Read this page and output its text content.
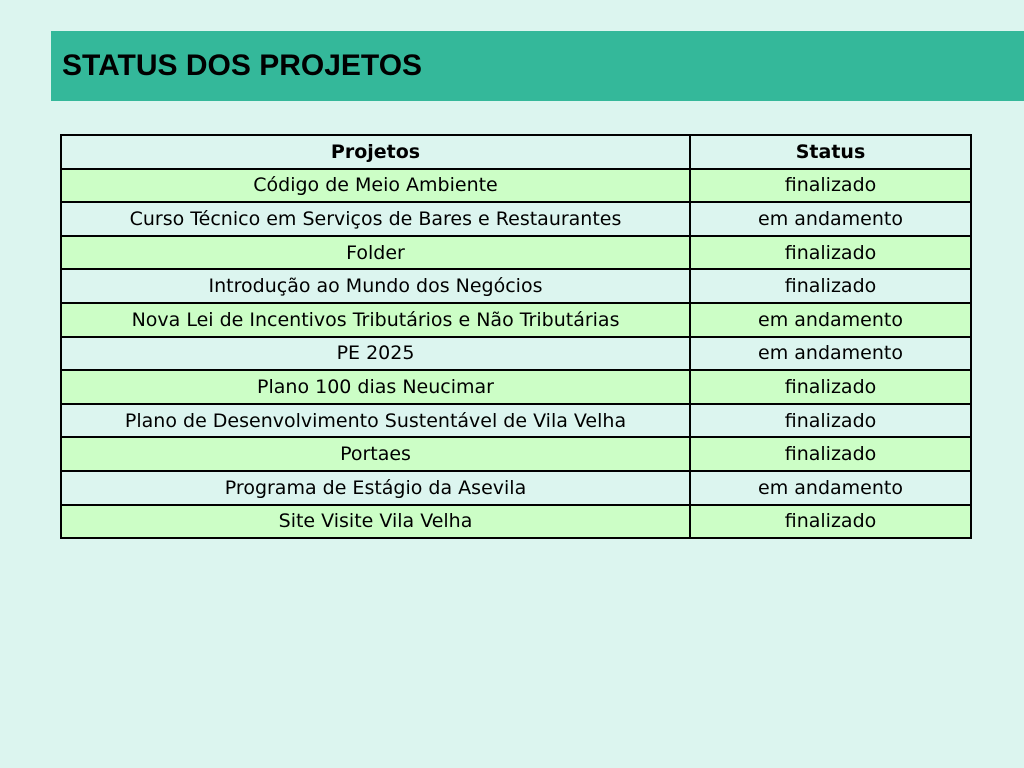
STATUS DOS PROJETOS
Projetos	Status
Código de Meio Ambiente	finalizado
Curso Técnico em Serviços de Bares e Restaurantes	em andamento
Folder	finalizado
Introdução ao Mundo dos Negócios	finalizado
Nova Lei de Incentivos Tributários e Não Tributárias	em andamento
PE 2025	em andamento
Plano 100 dias Neucimar	finalizado
Plano de Desenvolvimento Sustentável de Vila Velha	finalizado
Portaes	finalizado
Programa de Estágio da Asevila	em andamento
Site Visite Vila Velha	finalizado
